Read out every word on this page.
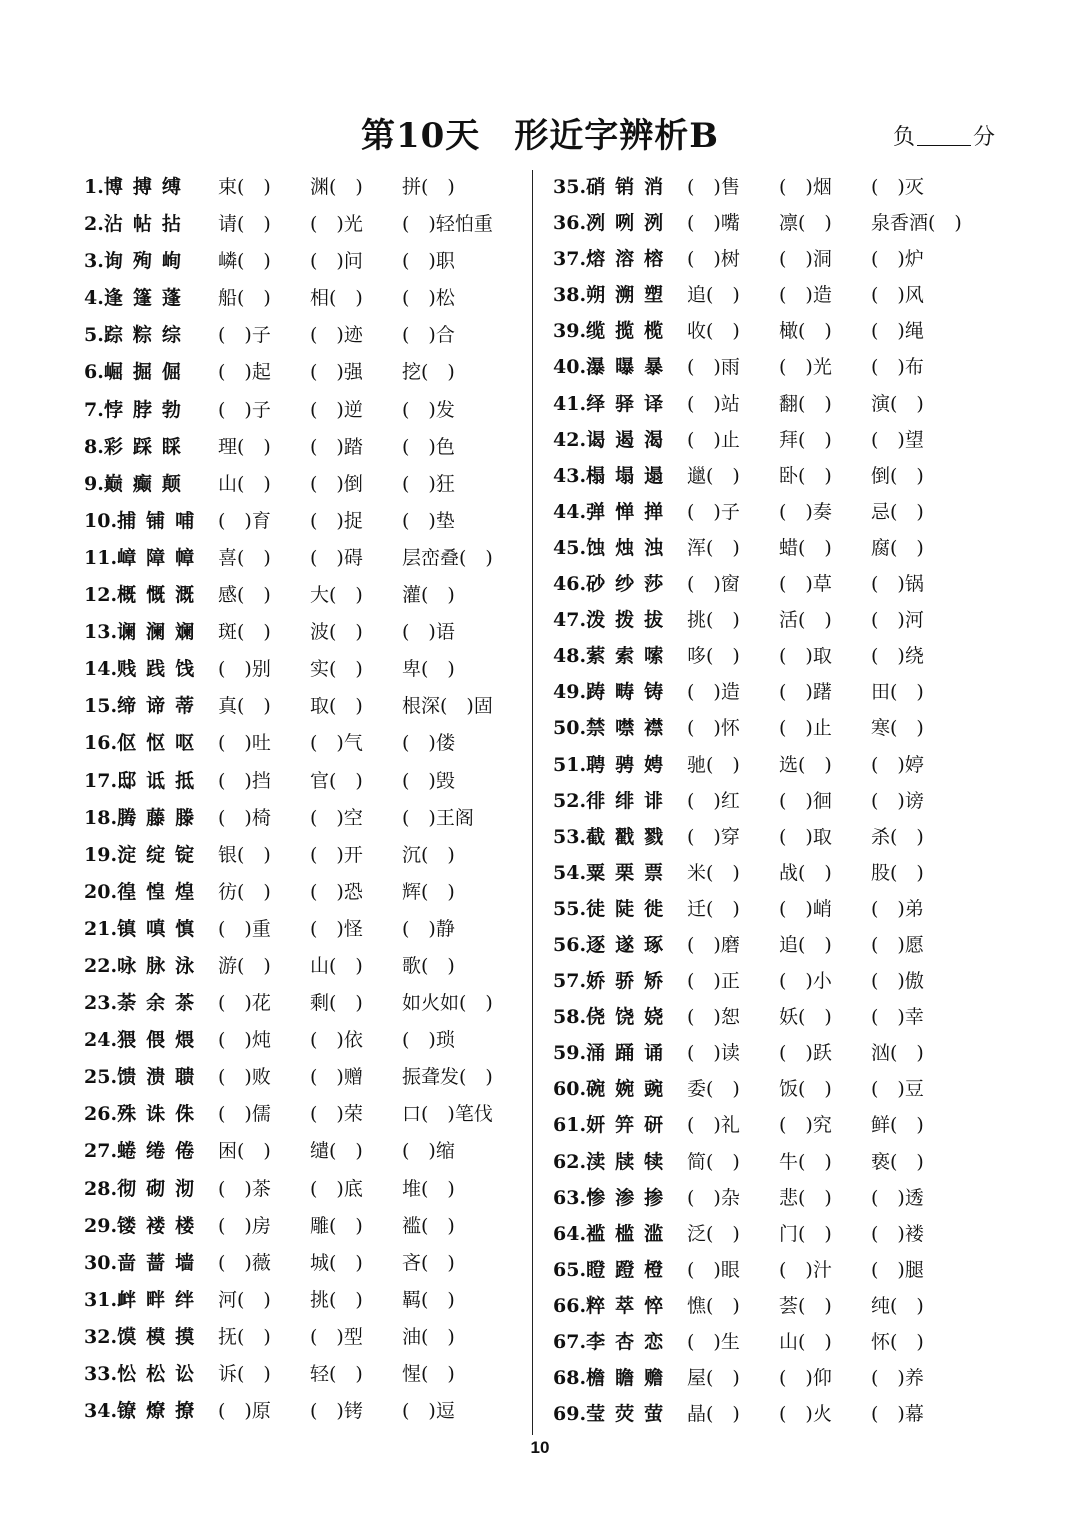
第10天 形近字辨析B	负	分
1.博搏缚 束(　) 渊(　) 拼(　)
2.沾帖拈 请(　) (　)光 (　)轻怕重
3.询殉峋 嶙(　) (　)问 (　)职
4.逢篷蓬 船(　) 相(　) (　)松
5.踪粽综 (　)子 (　)迹 (　)合
6.崛掘倔 (　)起 (　)强 挖(　)
7.悖脖勃 (　)子 (　)逆 (　)发
8.彩踩睬 理(　) (　)踏 (　)色
9.巅癫颠 山(　) (　)倒 (　)狂
10.捕铺哺 (　)育 (　)捉 (　)垫
11.嶂障幛 喜(　) (　)碍 层峦叠(　)
12.概慨溉 感(　) 大(　) 灌(　)
13.谰澜斓 斑(　) 波(　) (　)语
14.贱践饯 (　)别 实(　) 卑(　)
15.缔谛蒂 真(　) 取(　) 根深(　)固
16.伛怄呕 (　)吐 (　)气 (　)偻
17.邸诋抵 (　)挡 官(　) (　)毁
18.腾藤滕 (　)椅 (　)空 (　)王阁
19.淀绽锭 银(　) (　)开 沉(　)
20.徨惶煌 彷(　) (　)恐 辉(　)
21.镇嗔慎 (　)重 (　)怪 (　)静
22.咏脉泳 游(　) 山(　) 歌(　)
23.荼余茶 (　)花 剩(　) 如火如(　)
24.猥偎煨 (　)炖 (　)依 (　)琐
25.馈溃聩 (　)败 (　)赠 振聋发(　)
26.殊诛侏 (　)儒 (　)荣 口(　)笔伐
27.蜷绻倦 困(　) 缱(　) (　)缩
28.彻砌沏 (　)茶 (　)底 堆(　)
29.镂褛楼 (　)房 雕(　) 褴(　)
30.啬蔷墙 (　)薇 城(　) 吝(　)
31.衅畔绊 河(　) 挑(　) 羁(　)
32.馍模摸 抚(　) (　)型 油(　)
33.忪松讼 诉(　) 轻(　) 惺(　)
34.镣燎撩 (　)原 (　)铐 (　)逗
35.硝销消 (　)售 (　)烟 (　)灭
36.冽咧洌 (　)嘴 凛(　) 泉香酒(　)
37.熔溶榕 (　)树 (　)洞 (　)炉
38.朔溯塑 追(　) (　)造 (　)风
39.缆揽榄 收(　) 橄(　) (　)绳
40.瀑曝暴 (　)雨 (　)光 (　)布
41.绎驿译 (　)站 翻(　) 演(　)
42.谒遏渴 (　)止 拜(　) (　)望
43.榻塌遢 邋(　) 卧(　) 倒(　)
44.弹惮掸 (　)子 (　)奏 忌(　)
45.蚀烛浊 浑(　) 蜡(　) 腐(　)
46.砂纱莎 (　)窗 (　)草 (　)锅
47.泼拨拔 挑(　) 活(　) (　)河
48.萦索嗦 哆(　) (　)取 (　)绕
49.踌畴铸 (　)造 (　)躇 田(　)
50.禁噤襟 (　)怀 (　)止 寒(　)
51.聘骋娉 驰(　) 选(　) (　)婷
52.徘绯诽 (　)红 (　)徊 (　)谤
53.截戳戮 (　)穿 (　)取 杀(　)
54.粟栗票 米(　) 战(　) 股(　)
55.徒陡徙 迁(　) (　)峭 (　)弟
56.逐遂琢 (　)磨 追(　) (　)愿
57.娇骄矫 (　)正 (　)小 (　)傲
58.侥饶娆 (　)恕 妖(　) (　)幸
59.涌踊诵 (　)读 (　)跃 汹(　)
60.碗婉豌 委(　) 饭(　) (　)豆
61.妍笄研 (　)礼 (　)究 鲜(　)
62.渎牍犊 简(　) 牛(　) 亵(　)
63.惨渗掺 (　)杂 悲(　) (　)透
64.褴槛滥 泛(　) 门(　) (　)褛
65.瞪蹬橙 (　)眼 (　)汁 (　)腿
66.粹萃悴 憔(　) 荟(　) 纯(　)
67.李杏恋 (　)生 山(　) 怀(　)
68.檐瞻赡 屋(　) (　)仰 (　)养
69.莹荧萤 晶(　) (　)火 (　)幕
10
